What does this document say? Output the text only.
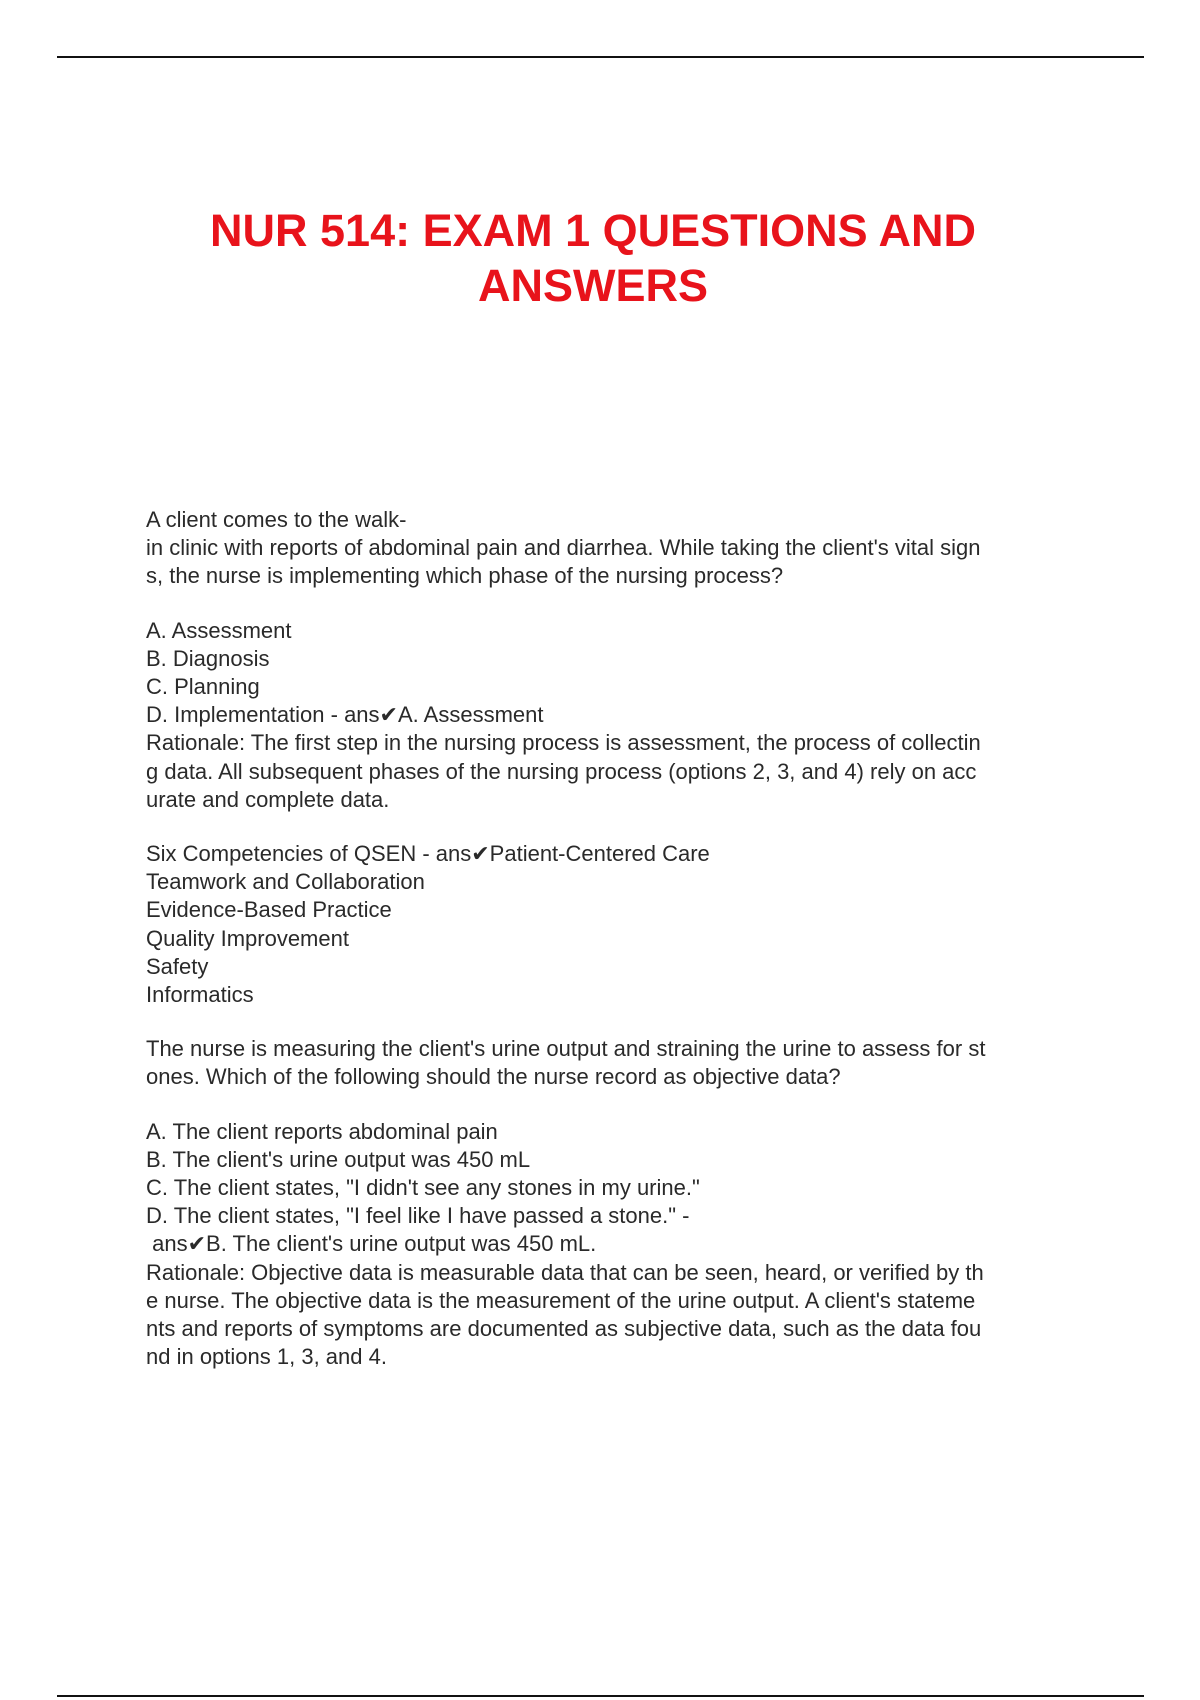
NUR 514: EXAM 1 QUESTIONS AND
ANSWERS
A client comes to the walk-
in clinic with reports of abdominal pain and diarrhea. While taking the client's vital sign
s, the nurse is implementing which phase of the nursing process?
A. Assessment
B. Diagnosis
C. Planning
D. Implementation - ans✔A. Assessment
Rationale: The first step in the nursing process is assessment, the process of collectin
g data. All subsequent phases of the nursing process (options 2, 3, and 4) rely on acc
urate and complete data.
Six Competencies of QSEN - ans✔Patient-Centered Care
Teamwork and Collaboration
Evidence-Based Practice
Quality Improvement
Safety
Informatics
The nurse is measuring the client's urine output and straining the urine to assess for st
ones. Which of the following should the nurse record as objective data?
A. The client reports abdominal pain
B. The client's urine output was 450 mL
C. The client states, "I didn't see any stones in my urine."
D. The client states, "I feel like I have passed a stone." -
ans✔B. The client's urine output was 450 mL.
Rationale: Objective data is measurable data that can be seen, heard, or verified by th
e nurse. The objective data is the measurement of the urine output. A client's stateme
nts and reports of symptoms are documented as subjective data, such as the data fou
nd in options 1, 3, and 4.
